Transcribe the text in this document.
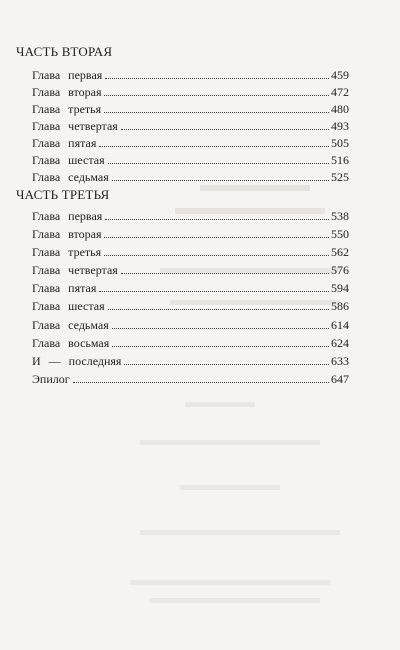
ЧАСТЬ ВТОРАЯ
Глава первая	459
Глава вторая	472
Глава третья	480
Глава четвертая	493
Глава пятая	505
Глава шестая	516
Глава седьмая	525
ЧАСТЬ ТРЕТЬЯ
Глава первая	538
Глава вторая	550
Глава третья	562
Глава четвертая	576
Глава пятая	594
Глава шестая	586
Глава седьмая	614
Глава восьмая	624
И — последняя	633
Эпилог	647
